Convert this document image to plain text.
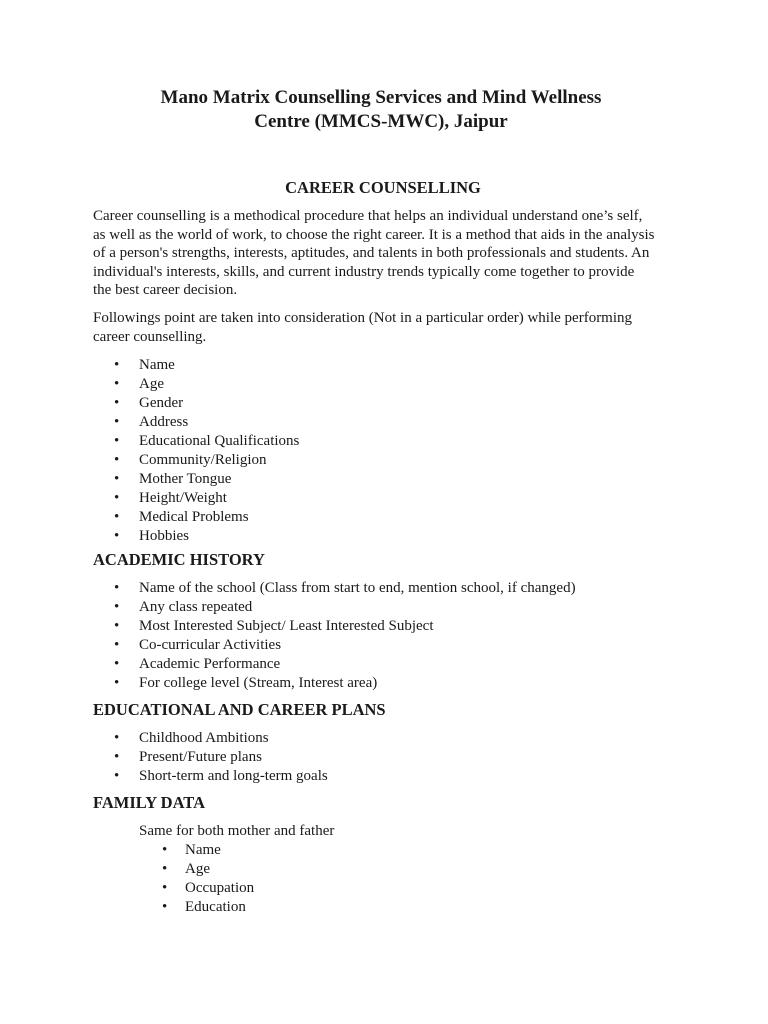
Mano Matrix Counselling Services and Mind Wellness
Centre (MMCS-MWC), Jaipur
CAREER COUNSELLING

Career counselling is a methodical procedure that helps an individual understand one’s self,
as well as the world of work, to choose the right career. It is a method that aids in the analysis
of a person's strengths, interests, aptitudes, and talents in both professionals and students. An
individual's interests, skills, and current industry trends typically come together to provide
the best career decision.

Followings point are taken into consideration (Not in a particular order) while performing
career counselling.

• Name
• Age
• Gender
• Address
• Educational Qualifications
• Community/Religion
• Mother Tongue
• Height/Weight
• Medical Problems
• Hobbies
ACADEMIC HISTORY
• Name of the school (Class from start to end, mention school, if changed)
• Any class repeated
• Most Interested Subject/ Least Interested Subject
• Co-curricular Activities
• Academic Performance
• For college level (Stream, Interest area)
EDUCATIONAL AND CAREER PLANS
• Childhood Ambitions
• Present/Future plans
• Short-term and long-term goals
FAMILY DATA
Same for both mother and father
• Name
• Age
• Occupation
• Education
